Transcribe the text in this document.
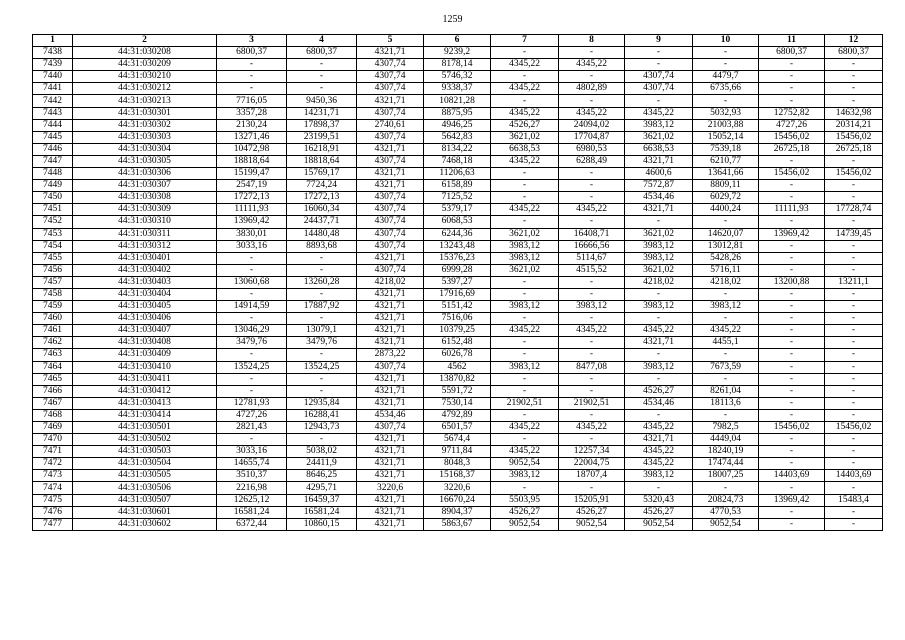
1259
1	2	3	4	5	6	7	8	9	10	11	12
7438	44:31:030208	6800,37	6800,37	4321,71	9239,2	-	-	-	-	6800,37	6800,37
7439	44:31:030209	-	-	4307,74	8178,14	4345,22	4345,22	-	-	-	-
7440	44:31:030210	-	-	4307,74	5746,32	-	-	4307,74	4479,7	-	-
7441	44:31:030212	-	-	4307,74	9338,37	4345,22	4802,89	4307,74	6735,66	-	-
7442	44:31:030213	7716,05	9450,36	4321,71	10821,28	-	-	-	-	-	-
7443	44:31:030301	3357,28	14231,71	4307,74	8875,95	4345,22	4345,22	4345,22	5032,93	12752,82	14632,98
7444	44:31:030302	2130,24	17898,37	2740,61	4946,25	4526,27	24094,02	3983,12	21003,88	4727,26	20314,21
7445	44:31:030303	13271,46	23199,51	4307,74	5642,83	3621,02	17704,87	3621,02	15052,14	15456,02	15456,02
7446	44:31:030304	10472,98	16218,91	4321,71	8134,22	6638,53	6980,53	6638,53	7539,18	26725,18	26725,18
7447	44:31:030305	18818,64	18818,64	4307,74	7468,18	4345,22	6288,49	4321,71	6210,77	-	-
7448	44:31:030306	15199,47	15769,17	4321,71	11206,63	-	-	4600,6	13641,66	15456,02	15456,02
7449	44:31:030307	2547,19	7724,24	4321,71	6158,89	-	-	7572,87	8809,11	-	-
7450	44:31:030308	17272,13	17272,13	4307,74	7125,52	-	-	4534,46	6029,72	-	-
7451	44:31:030309	11111,93	16060,34	4307,74	5379,17	4345,22	4345,22	4321,71	4400,24	11111,93	17728,74
7452	44:31:030310	13969,42	24437,71	4307,74	6068,53	-	-	-	-	-	-
7453	44:31:030311	3830,01	14480,48	4307,74	6244,36	3621,02	16408,71	3621,02	14620,07	13969,42	14739,45
7454	44:31:030312	3033,16	8893,68	4307,74	13243,48	3983,12	16666,56	3983,12	13012,81	-	-
7455	44:31:030401	-	-	4321,71	15376,23	3983,12	5114,67	3983,12	5428,26	-	-
7456	44:31:030402	-	-	4307,74	6999,28	3621,02	4515,52	3621,02	5716,11	-	-
7457	44:31:030403	13060,68	13260,28	4218,02	5397,27	-	-	4218,02	4218,02	13200,88	13211,1
7458	44:31:030404	-	-	4321,71	17916,69	-	-	-	-	-	-
7459	44:31:030405	14914,59	17887,92	4321,71	5151,42	3983,12	3983,12	3983,12	3983,12	-	-
7460	44:31:030406	-	-	4321,71	7516,06	-	-	-	-	-	-
7461	44:31:030407	13046,29	13079,1	4321,71	10379,25	4345,22	4345,22	4345,22	4345,22	-	-
7462	44:31:030408	3479,76	3479,76	4321,71	6152,48	-	-	4321,71	4455,1	-	-
7463	44:31:030409	-	-	2873,22	6026,78	-	-	-	-	-	-
7464	44:31:030410	13524,25	13524,25	4307,74	4562	3983,12	8477,08	3983,12	7673,59	-	-
7465	44:31:030411	-	-	4321,71	13870,82	-	-	-	-	-	-
7466	44:31:030412	-	-	4321,71	5591,72	-	-	4526,27	8261,04	-	-
7467	44:31:030413	12781,93	12935,84	4321,71	7530,14	21902,51	21902,51	4534,46	18113,6	-	-
7468	44:31:030414	4727,26	16288,41	4534,46	4792,89	-	-	-	-	-	-
7469	44:31:030501	2821,43	12943,73	4307,74	6501,57	4345,22	4345,22	4345,22	7982,5	15456,02	15456,02
7470	44:31:030502	-	-	4321,71	5674,4	-	-	4321,71	4449,04	-	-
7471	44:31:030503	3033,16	5038,02	4321,71	9711,84	4345,22	12257,34	4345,22	18240,19	-	-
7472	44:31:030504	14655,74	24411,9	4321,71	8048,3	9052,54	22004,75	4345,22	17474,44	-	-
7473	44:31:030505	3510,37	8646,25	4321,71	15168,37	3983,12	18707,4	3983,12	18007,25	14403,69	14403,69
7474	44:31:030506	2216,98	4295,71	3220,6	3220,6	-	-	-	-	-	-
7475	44:31:030507	12625,12	16459,37	4321,71	16670,24	5503,95	15205,91	5320,43	20824,73	13969,42	15483,4
7476	44:31:030601	16581,24	16581,24	4321,71	8904,37	4526,27	4526,27	4526,27	4770,53	-	-
7477	44:31:030602	6372,44	10860,15	4321,71	5863,67	9052,54	9052,54	9052,54	9052,54	-	-
